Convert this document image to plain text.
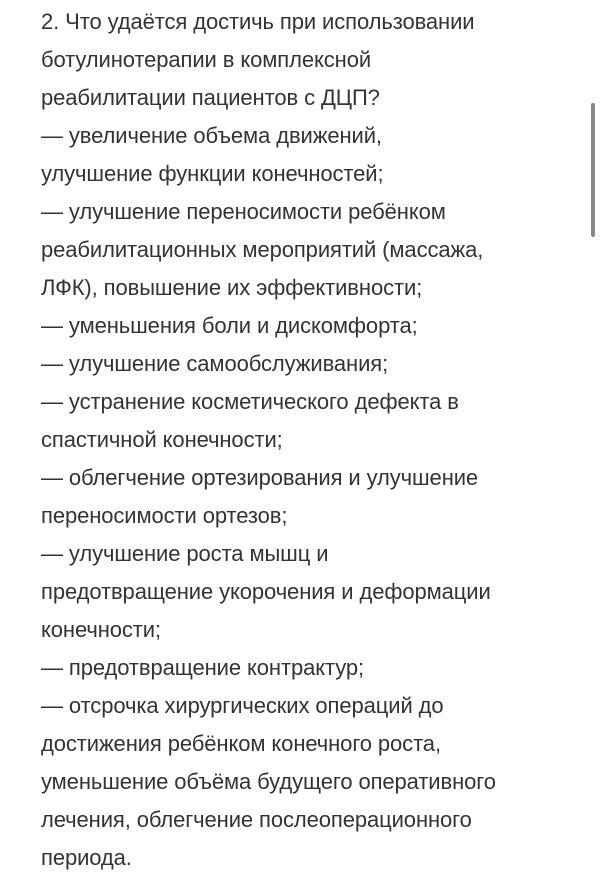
2. Что удаётся достичь при использовании
ботулинотерапии в комплексной
реабилитации пациентов с ДЦП?
— увеличение объема движений,
улучшение функции конечностей;
— улучшение переносимости ребёнком
реабилитационных мероприятий (массажа,
ЛФК), повышение их эффективности;
— уменьшения боли и дискомфорта;
— улучшение самообслуживания;
— устранение косметического дефекта в
спастичной конечности;
— облегчение ортезирования и улучшение
переносимости ортезов;
— улучшение роста мышц и
предотвращение укорочения и деформации
конечности;
— предотвращение контрактур;
— отсрочка хирургических операций до
достижения ребёнком конечного роста,
уменьшение объёма будущего оперативного
лечения, облегчение послеоперационного
периода.
